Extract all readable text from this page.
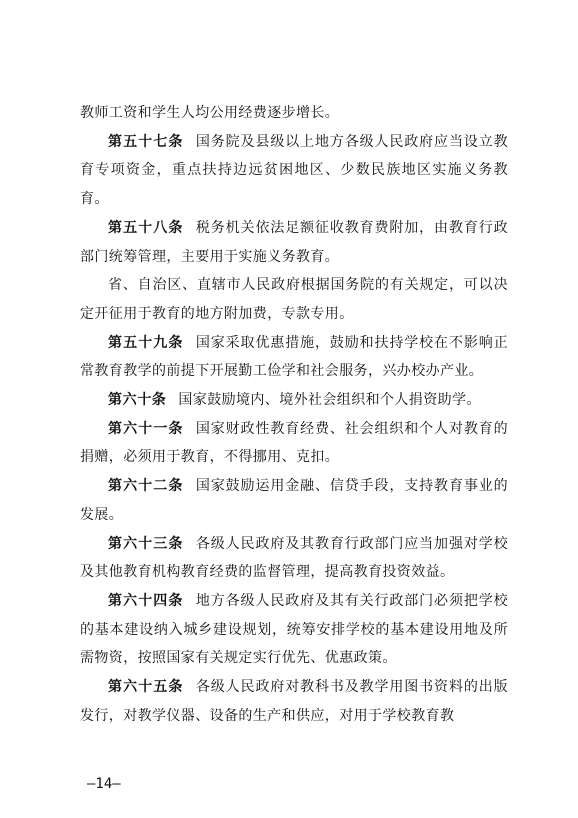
教师工资和学生人均公用经费逐步增长。

第五十七条 国务院及县级以上地方各级人民政府应当设立教育专项资金，重点扶持边远贫困地区、少数民族地区实施义务教育。

第五十八条 税务机关依法足额征收教育费附加，由教育行政部门统筹管理，主要用于实施义务教育。

省、自治区、直辖市人民政府根据国务院的有关规定，可以决定开征用于教育的地方附加费，专款专用。

第五十九条 国家采取优惠措施，鼓励和扶持学校在不影响正常教育教学的前提下开展勤工俭学和社会服务，兴办校办产业。

第六十条 国家鼓励境内、境外社会组织和个人捐资助学。

第六十一条 国家财政性教育经费、社会组织和个人对教育的捐赠，必须用于教育，不得挪用、克扣。

第六十二条 国家鼓励运用金融、信贷手段，支持教育事业的发展。

第六十三条 各级人民政府及其教育行政部门应当加强对学校及其他教育机构教育经费的监督管理，提高教育投资效益。

第六十四条 地方各级人民政府及其有关行政部门必须把学校的基本建设纳入城乡建设规划，统筹安排学校的基本建设用地及所需物资，按照国家有关规定实行优先、优惠政策。

第六十五条 各级人民政府对教科书及教学用图书资料的出版发行，对教学仪器、设备的生产和供应，对用于学校教育教

—14—
